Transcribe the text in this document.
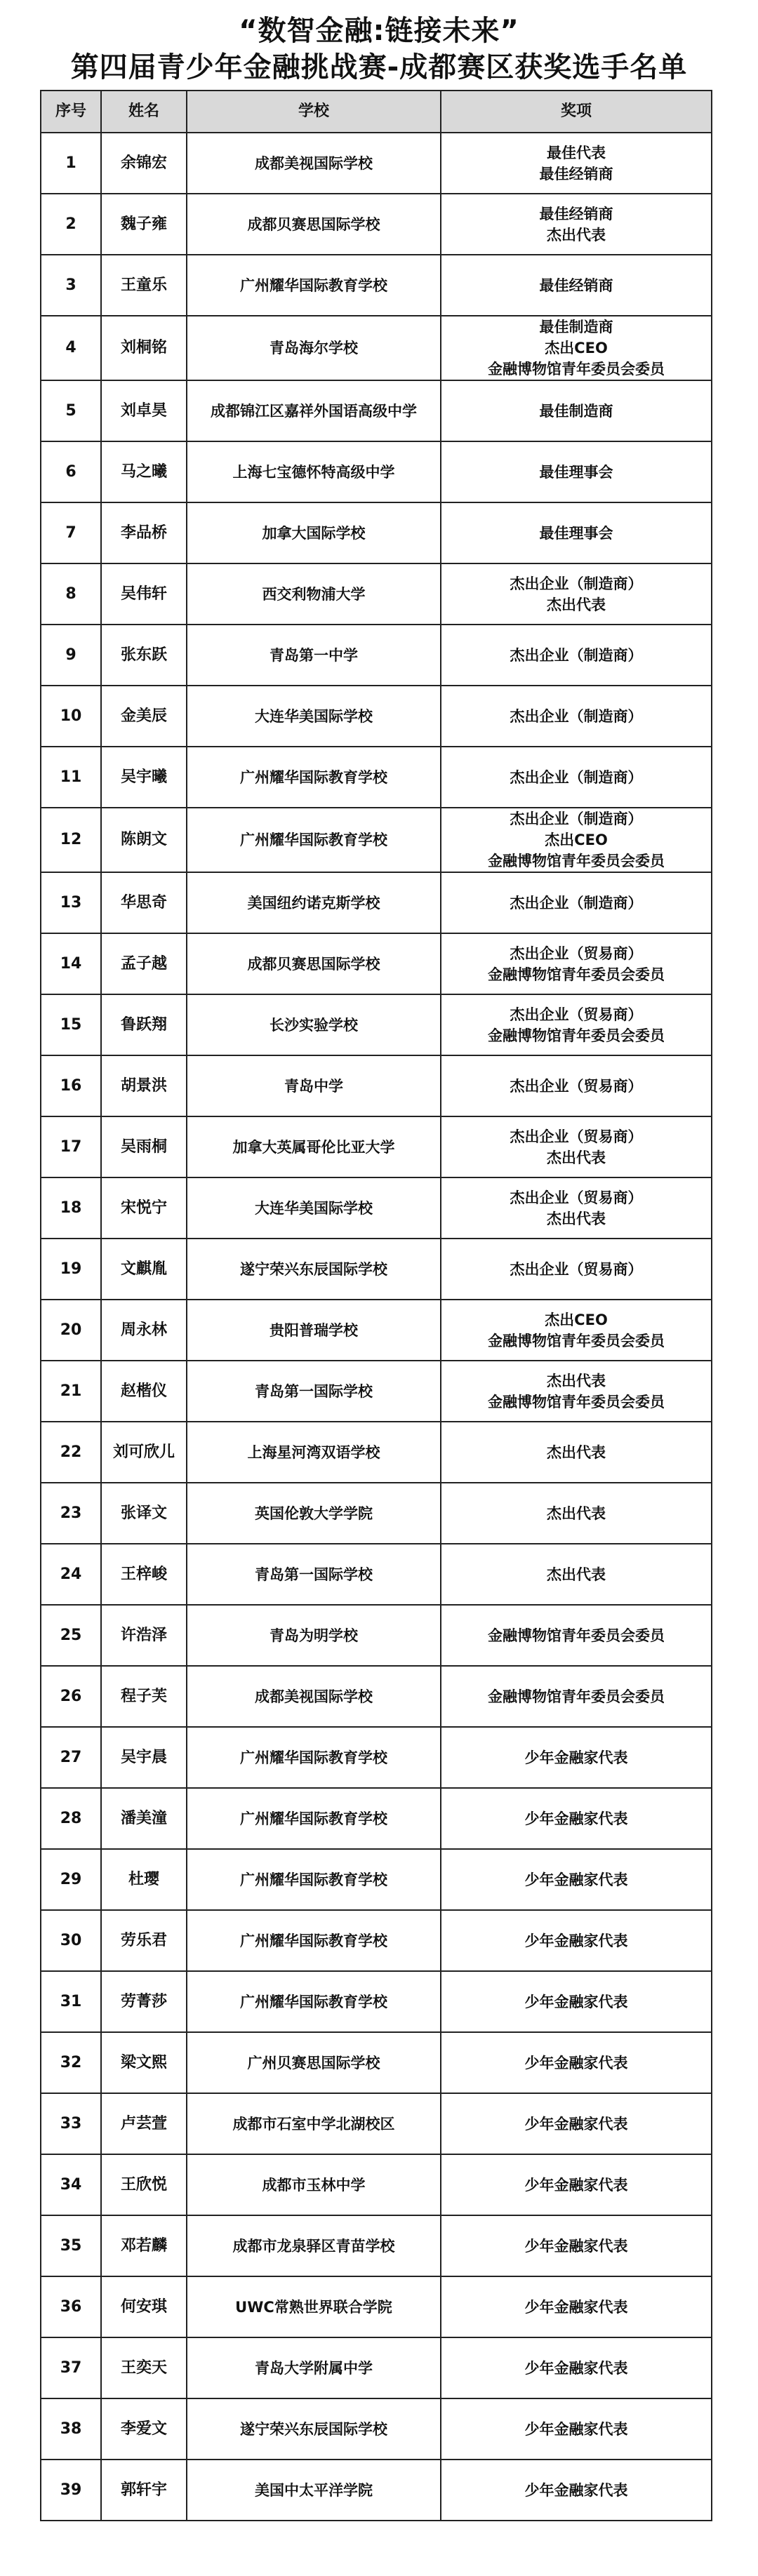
“数智金融:链接未来”
第四届青少年金融挑战赛-成都赛区获奖选手名单
序号	姓名	学校	奖项
1	余锦宏	成都美视国际学校	最佳代表
最佳经销商

2	魏子雍	成都贝赛思国际学校	最佳经销商
杰出代表

3	王童乐	广州耀华国际教育学校	最佳经销商

4	刘桐铭	青岛海尔学校	最佳制造商
杰出CEO
金融博物馆青年委员会委员

5	刘卓昊	成都锦江区嘉祥外国语高级中学	最佳制造商

6	马之曦	上海七宝德怀特高级中学	最佳理事会

7	李品桥	加拿大国际学校	最佳理事会

8	吴伟轩	西交利物浦大学	杰出企业（制造商）
杰出代表

9	张东跃	青岛第一中学	杰出企业（制造商）

10	金美辰	大连华美国际学校	杰出企业（制造商）

11	吴宇曦	广州耀华国际教育学校	杰出企业（制造商）

12	陈朗文	广州耀华国际教育学校	杰出企业（制造商）
杰出CEO
金融博物馆青年委员会委员

13	华思奇	美国纽约诺克斯学校	杰出企业（制造商）

14	孟子越	成都贝赛思国际学校	杰出企业（贸易商）
金融博物馆青年委员会委员

15	鲁跃翔	长沙实验学校	杰出企业（贸易商）
金融博物馆青年委员会委员

16	胡景洪	青岛中学	杰出企业（贸易商）

17	吴雨桐	加拿大英属哥伦比亚大学	杰出企业（贸易商）
杰出代表

18	宋悦宁	大连华美国际学校	杰出企业（贸易商）
杰出代表

19	文麒胤	遂宁荣兴东辰国际学校	杰出企业（贸易商）

20	周永林	贵阳普瑞学校	杰出CEO
金融博物馆青年委员会委员

21	赵楷仪	青岛第一国际学校	杰出代表
金融博物馆青年委员会委员

22	刘可欣儿	上海星河湾双语学校	杰出代表

23	张译文	英国伦敦大学学院	杰出代表

24	王梓峻	青岛第一国际学校	杰出代表

25	许浩泽	青岛为明学校	金融博物馆青年委员会委员

26	程子芙	成都美视国际学校	金融博物馆青年委员会委员

27	吴宇晨	广州耀华国际教育学校	少年金融家代表

28	潘美潼	广州耀华国际教育学校	少年金融家代表

29	杜璎	广州耀华国际教育学校	少年金融家代表

30	劳乐君	广州耀华国际教育学校	少年金融家代表

31	劳菁莎	广州耀华国际教育学校	少年金融家代表

32	梁文熙	广州贝赛思国际学校	少年金融家代表

33	卢芸萱	成都市石室中学北湖校区	少年金融家代表

34	王欣悦	成都市玉林中学	少年金融家代表

35	邓若麟	成都市龙泉驿区青苗学校	少年金融家代表

36	何安琪	UWC常熟世界联合学院	少年金融家代表

37	王奕天	青岛大学附属中学	少年金融家代表

38	李爱文	遂宁荣兴东辰国际学校	少年金融家代表

39	郭轩宇	美国中太平洋学院	少年金融家代表
